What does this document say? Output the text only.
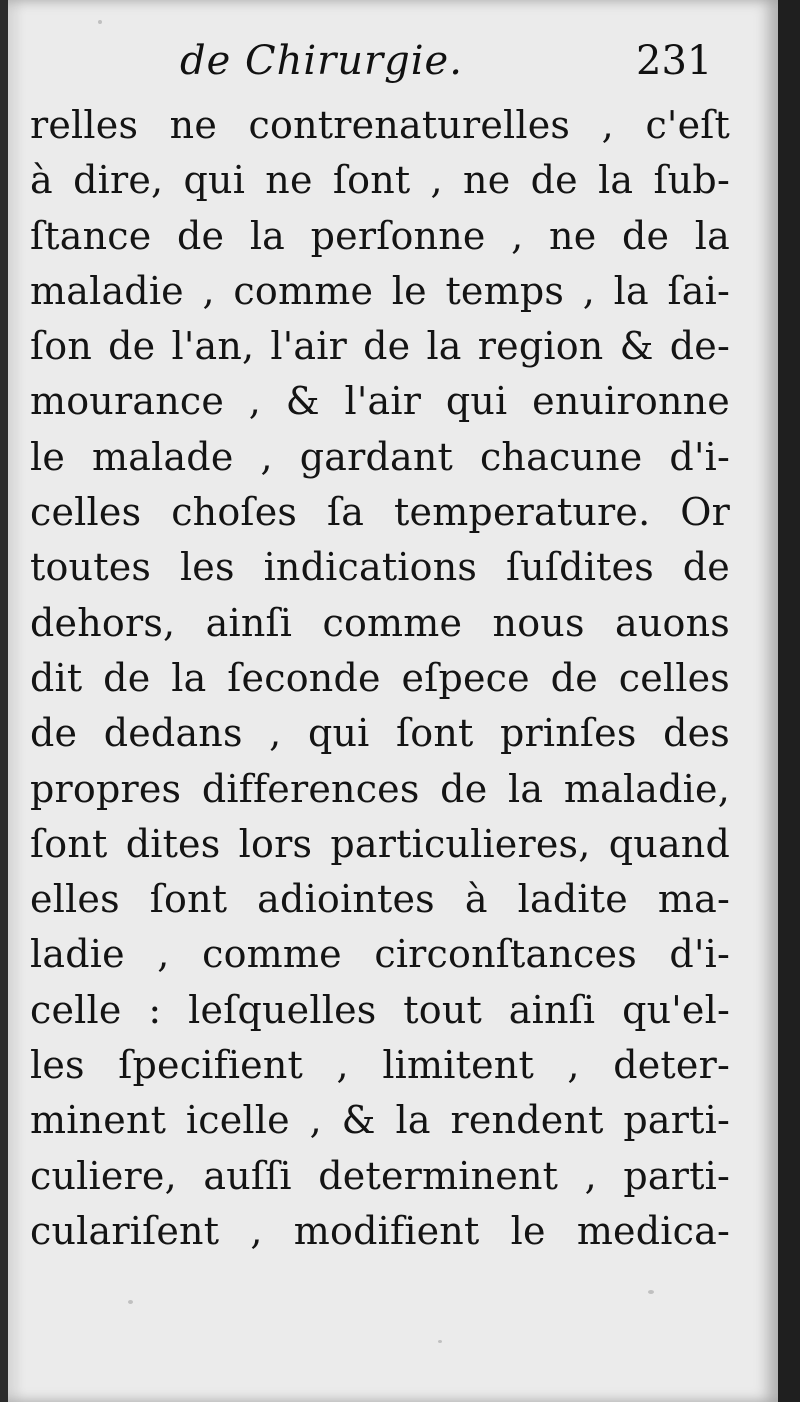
de Chirurgie.	231
relles ne contrenaturelles , c'eſt
à dire, qui ne ſont , ne de la ſub-
ſtance de la perſonne , ne de la
maladie , comme le temps , la ſai-
ſon de l'an, l'air de la region & de-
mourance , & l'air qui enuironne
le malade , gardant chacune d'i-
celles choſes ſa temperature. Or
toutes les indications ſuſdites de
dehors, ainſi comme nous auons
dit de la ſeconde eſpece de celles
de dedans , qui ſont prinſes des
propres differences de la maladie,
ſont dites lors particulieres, quand
elles ſont adiointes à ladite ma-
ladie , comme circonſtances d'i-
celle : leſquelles tout ainſi qu'el-
les ſpecifient , limitent , deter-
minent icelle , & la rendent parti-
culiere, auſſi determinent , parti-
culariſent , modifient le medica-
